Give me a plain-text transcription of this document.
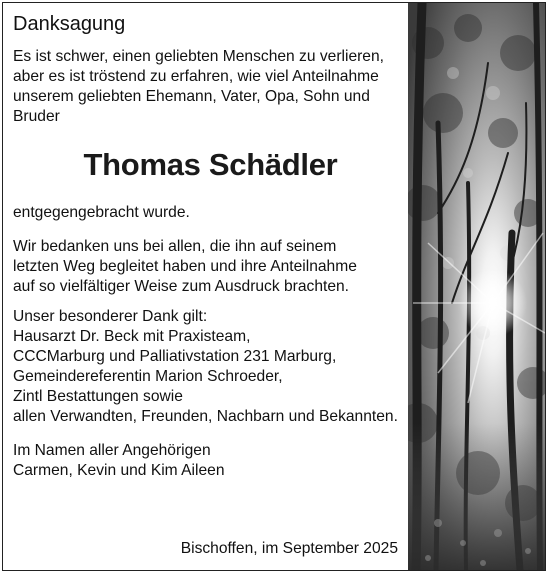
Danksagung

Es ist schwer, einen geliebten Menschen zu verlieren,
aber es ist tröstend zu erfahren, wie viel Anteilnahme
unserem geliebten Ehemann, Vater, Opa, Sohn und
Bruder

Thomas Schädler

entgegengebracht wurde.

Wir bedanken uns bei allen, die ihn auf seinem
letzten Weg begleitet haben und ihre Anteilnahme
auf so vielfältiger Weise zum Ausdruck brachten.

Unser besonderer Dank gilt:
Hausarzt Dr. Beck mit Praxisteam,
CCCMarburg und Palliativstation 231 Marburg,
Gemeindereferentin Marion Schroeder,
Zintl Bestattungen sowie
allen Verwandten, Freunden, Nachbarn und Bekannten.

Im Namen aller Angehörigen
Carmen, Kevin und Kim Aileen

Bischoffen, im September 2025
